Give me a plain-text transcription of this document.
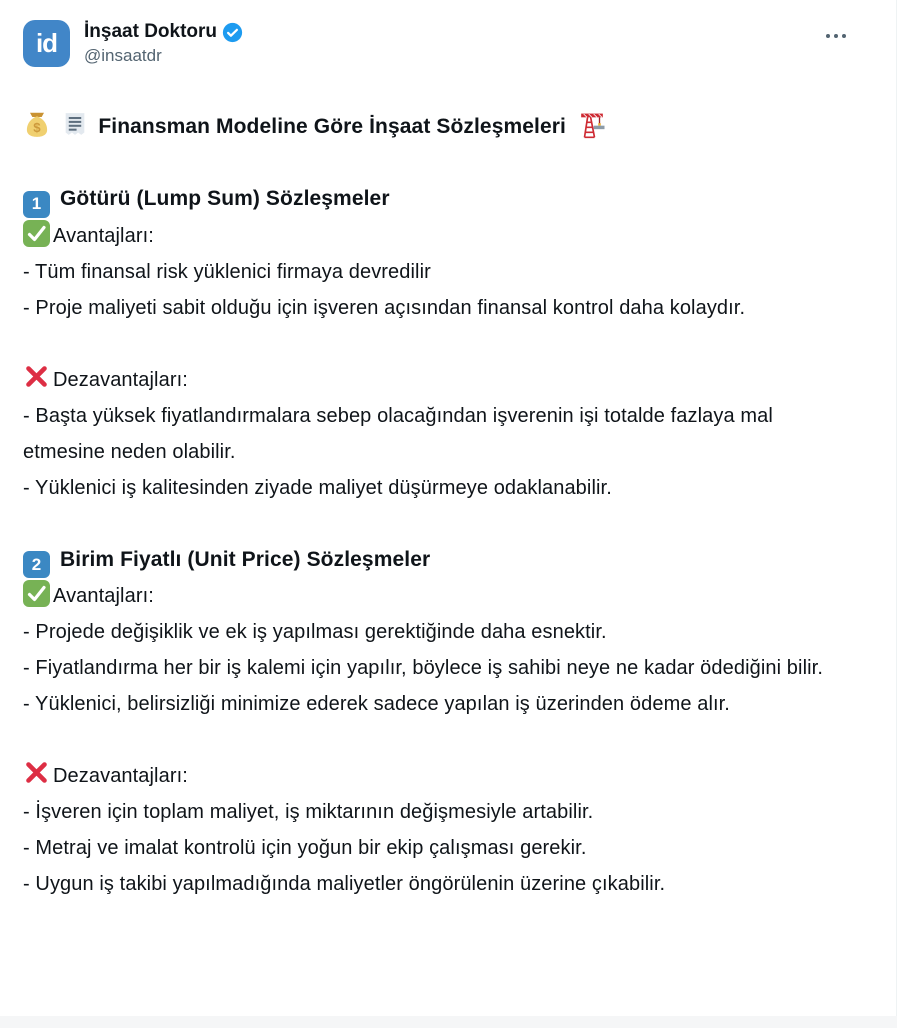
id İnşaat Doktoru
@insaatdr
$	Finansman Modeline Göre İnşaat Sözleşmeleri
1 Götürü (Lump Sum) Sözleşmeler
Avantajları:
- Tüm finansal risk yüklenici firmaya devredilir
- Proje maliyeti sabit olduğu için işveren açısından finansal kontrol daha kolaydır.
Dezavantajları:
- Başta yüksek fiyatlandırmalara sebep olacağından işverenin işi totalde fazlaya mal etmesine neden olabilir.
- Yüklenici iş kalitesinden ziyade maliyet düşürmeye odaklanabilir.
2 Birim Fiyatlı (Unit Price) Sözleşmeler
Avantajları:
- Projede değişiklik ve ek iş yapılması gerektiğinde daha esnektir.
- Fiyatlandırma her bir iş kalemi için yapılır, böylece iş sahibi neye ne kadar ödediğini bilir.
- Yüklenici, belirsizliği minimize ederek sadece yapılan iş üzerinden ödeme alır.
Dezavantajları:
- İşveren için toplam maliyet, iş miktarının değişmesiyle artabilir.
- Metraj ve imalat kontrolü için yoğun bir ekip çalışması gerekir.
- Uygun iş takibi yapılmadığında maliyetler öngörülenin üzerine çıkabilir.
